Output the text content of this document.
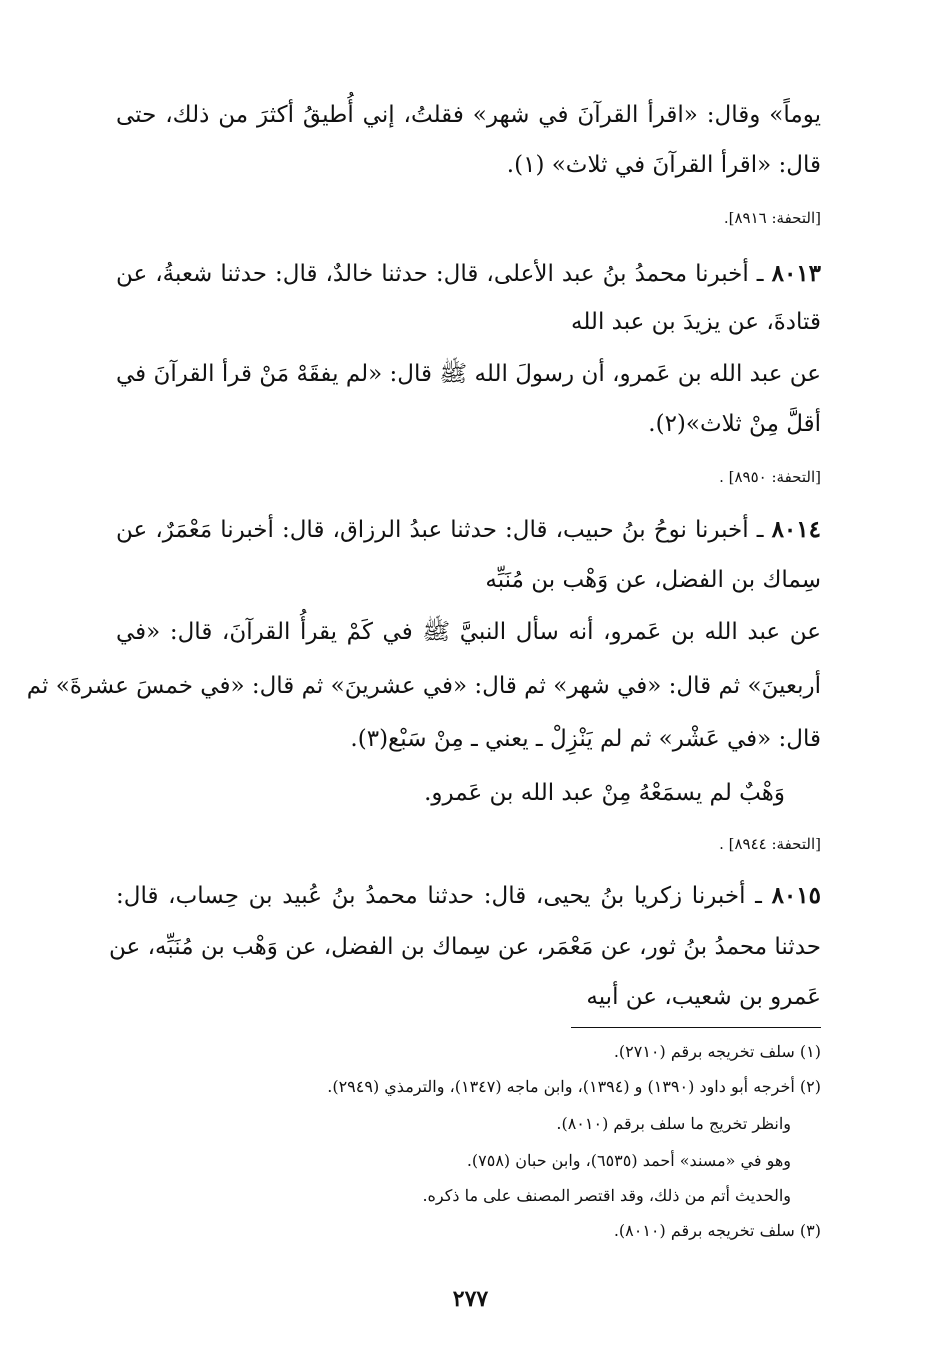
يوماً» وقال: «اقرأ القرآنَ في شهر» فقلتُ، إني أُطيقُ أكثرَ من ذلك، حتى
قال: «اقرأ القرآنَ في ثلاث» (١).
[التحفة: ٨٩١٦].
٨٠١٣ ـ أخبرنا محمدُ بنُ عبد الأعلى، قال: حدثنا خالدٌ، قال: حدثنا شعبةُ، عن
قتادةَ، عن يزيدَ بن عبد الله
عن عبد الله بن عَمرو، أن رسولَ الله ﷺ قال: «لم يفقَهْ مَنْ قرأ القرآنَ في
أقلَّ مِنْ ثلاث»(٢).
[التحفة: ٨٩٥٠] .
٨٠١٤ ـ أخبرنا نوحُ بنُ حبيب، قال: حدثنا عبدُ الرزاق، قال: أخبرنا مَعْمَرٌ، عن
سِماك بن الفضل، عن وَهْب بن مُنَبِّه
عن عبد الله بن عَمرو، أنه سأل النبيَّ ﷺ في كَمْ يقرأُ القرآنَ، قال: «في
أربعينَ» ثم قال: «في شهر» ثم قال: «في عشرينَ» ثم قال: «في خمسَ عشرةَ» ثم
قال: «في عَشْر» ثم لم يَنْزِلْ ـ يعني ـ مِنْ سَبْع(٣).
وَهْبٌ لم يسمَعْهُ مِنْ عبد الله بن عَمرو.
[التحفة: ٨٩٤٤] .
٨٠١٥ ـ أخبرنا زكريا بنُ يحيى، قال: حدثنا محمدُ بنُ عُبيد بن حِساب، قال:
حدثنا محمدُ بنُ ثور، عن مَعْمَر، عن سِماك بن الفضل، عن وَهْب بن مُنَبِّه، عن
عَمرو بن شعيب، عن أبيه
(١) سلف تخريجه برقم (٢٧١٠).
(٢) أخرجه أبو داود (١٣٩٠) و (١٣٩٤)، وابن ماجه (١٣٤٧)، والترمذي (٢٩٤٩).
وانظر تخريج ما سلف برقم (٨٠١٠).
وهو في «مسند» أحمد (٦٥٣٥)، وابن حبان (٧٥٨).
والحديث أتم من ذلك، وقد اقتصر المصنف على ما ذكره.
(٣) سلف تخريجه برقم (٨٠١٠).
٢٧٧
